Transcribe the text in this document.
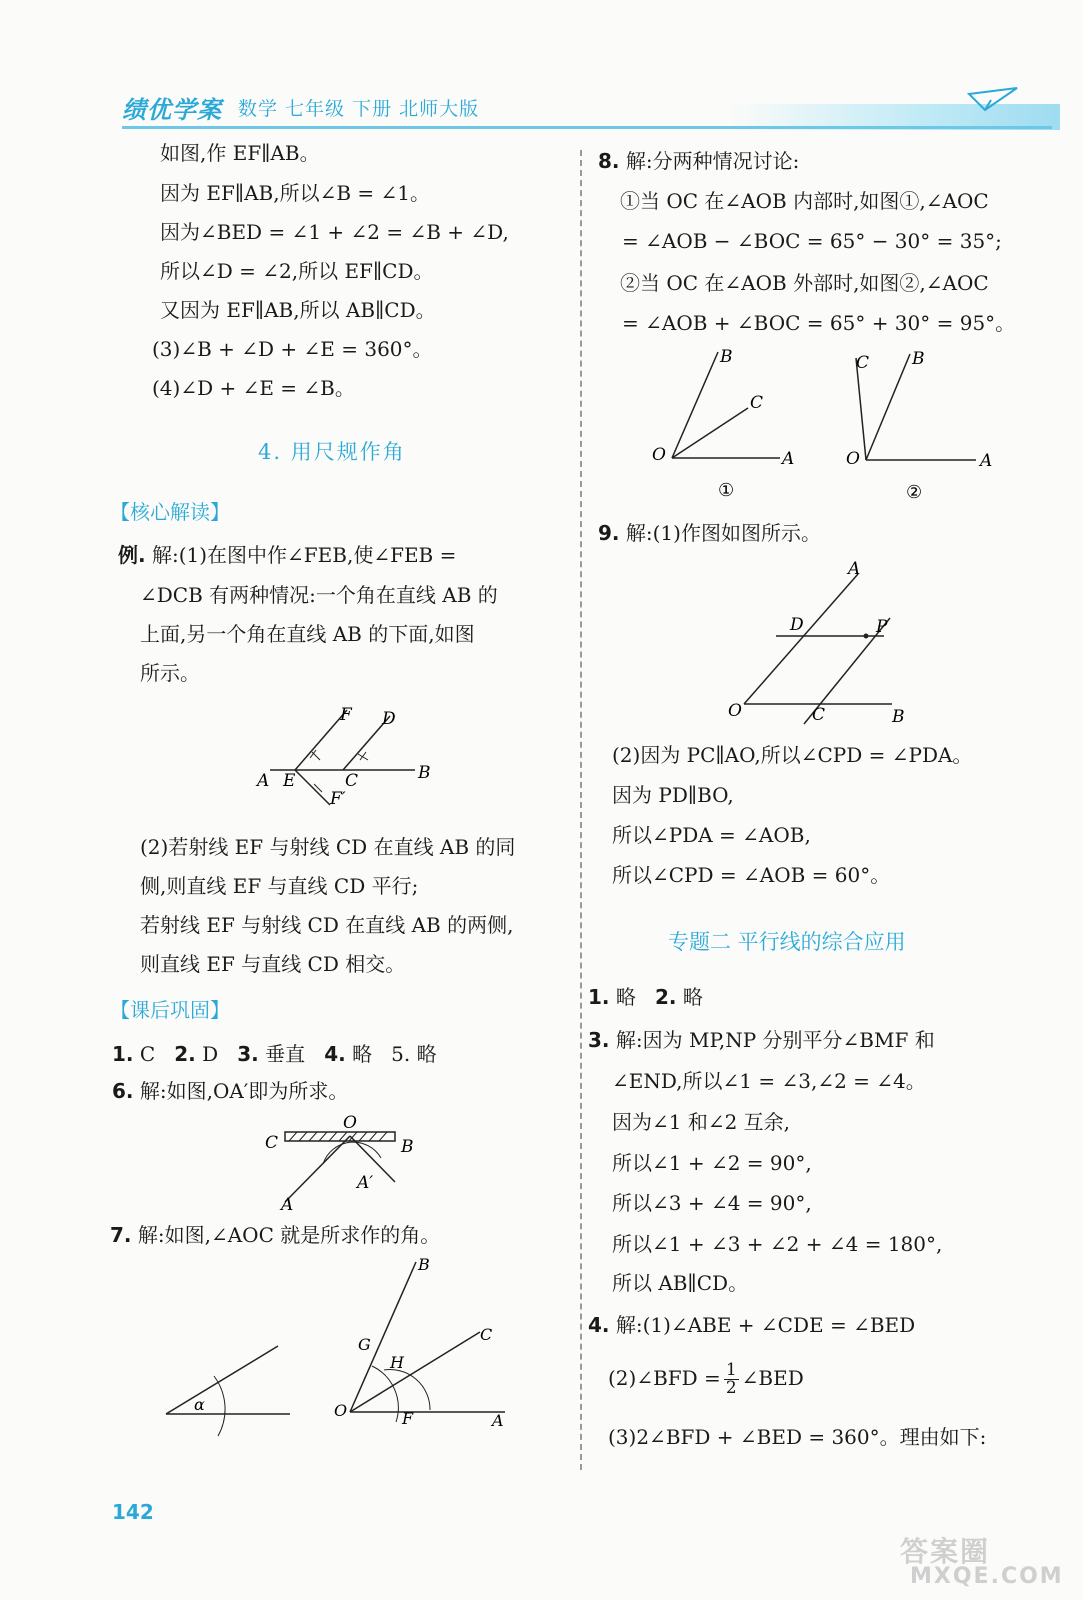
绩优学案 数学 七年级 下册 北师大版
如图,作 EF∥AB。
因为 EF∥AB,所以∠B = ∠1。
因为∠BED = ∠1 + ∠2 = ∠B + ∠D,
所以∠D = ∠2,所以 EF∥CD。
又因为 EF∥AB,所以 AB∥CD。
(3)∠B + ∠D + ∠E = 360°。
(4)∠D + ∠E = ∠B。
4. 用尺规作角
【核心解读】
例. 解:(1)在图中作∠FEB,使∠FEB =
∠DCB 有两种情况:一个角在直线 AB 的
上面,另一个角在直线 AB 的下面,如图
所示。
A E	C	B
F D
F′
(2)若射线 EF 与射线 CD 在直线 AB 的同
侧,则直线 EF 与直线 CD 平行;
若射线 EF 与射线 CD 在直线 AB 的两侧,
则直线 EF 与直线 CD 相交。
【课后巩固】
1. C 2. D 3. 垂直 4. 略 5. 略
6. 解:如图,OA′即为所求。
C
O
B
A
A′
7. 解:如图,∠AOC 就是所求作的角。
α
B
C
G
H
O	F	A
8. 解:分两种情况讨论:
①当 OC 在∠AOB 内部时,如图①,∠AOC
= ∠AOB − ∠BOC = 65° − 30° = 35°;
②当 OC 在∠AOB 外部时,如图②,∠AOC
= ∠AOB + ∠BOC = 65° + 30° = 95°。
B
C
O	A
①
C	B
O	A
②
9. 解:(1)作图如图所示。
A
D	P
O	C	B
(2)因为 PC∥AO,所以∠CPD = ∠PDA。
因为 PD∥BO,
所以∠PDA = ∠AOB,
所以∠CPD = ∠AOB = 60°。
专题二 平行线的综合应用
1. 略 2. 略
3. 解:因为 MP,NP 分别平分∠BMF 和
∠END,所以∠1 = ∠3,∠2 = ∠4。
因为∠1 和∠2 互余,
所以∠1 + ∠2 = 90°,
所以∠3 + ∠4 = 90°,
所以∠1 + ∠3 + ∠2 + ∠4 = 180°,
所以 AB∥CD。
4. 解:(1)∠ABE + ∠CDE = ∠BED
(2)∠BFD = $\frac{1}{2}$ ∠BED
(3)2∠BFD + ∠BED = 360°。理由如下:
142
答案圈
MXQE.COM
